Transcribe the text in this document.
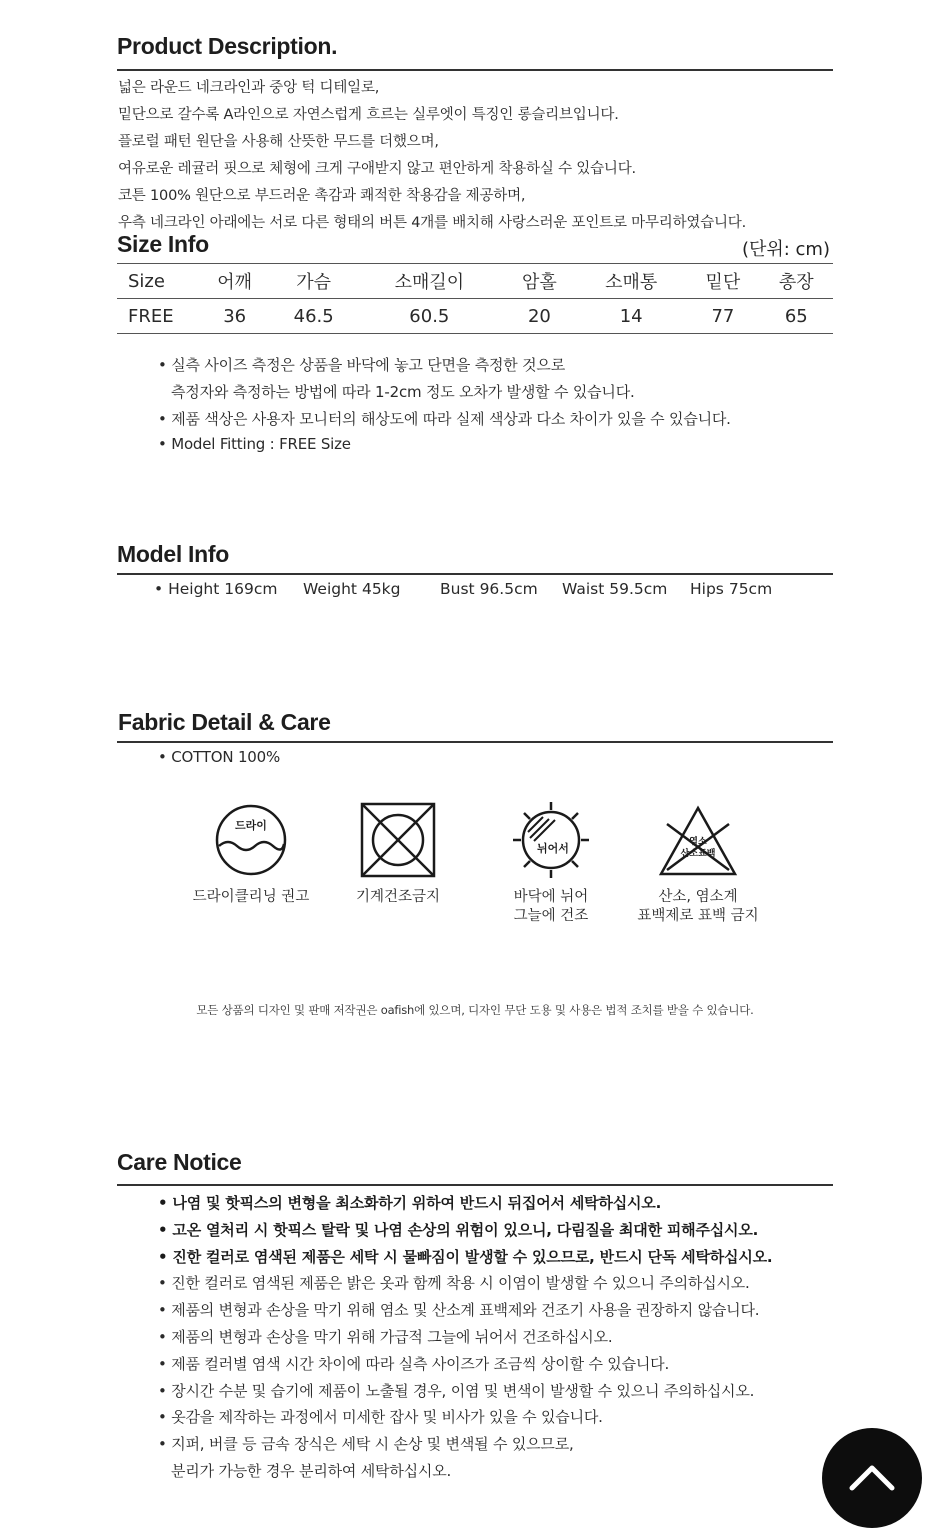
Product Description.
넓은 라운드 네크라인과 중앙 턱 디테일로,
밑단으로 갈수록 A라인으로 자연스럽게 흐르는 실루엣이 특징인 롱슬리브입니다.
플로럴 패턴 원단을 사용해 산뜻한 무드를 더했으며,
여유로운 레귤러 핏으로 체형에 크게 구애받지 않고 편안하게 착용하실 수 있습니다.
코튼 100% 원단으로 부드러운 촉감과 쾌적한 착용감을 제공하며,
우측 네크라인 아래에는 서로 다른 형태의 버튼 4개를 배치해 사랑스러운 포인트로 마무리하였습니다.
Size Info	(단위: cm)
Size	어깨	가슴	소매길이	암홀	소매통	밑단	총장
FREE	36	46.5	60.5	20	14	77	65
• 실측 사이즈 측정은 상품을 바닥에 놓고 단면을 측정한 것으로
측정자와 측정하는 방법에 따라 1-2cm 정도 오차가 발생할 수 있습니다.
• 제품 색상은 사용자 모니터의 해상도에 따라 실제 색상과 다소 차이가 있을 수 있습니다.
• Model Fitting : FREE Size
Model Info
• Height 169cm Weight 45kg	Bust 96.5cm Waist 59.5cm Hips 75cm
Fabric Detail & Care
• COTTON 100%
드라이
드라이클리닝 권고	기계건조금지
뉘어서
바닥에 뉘어
그늘에 건조
염소
산소표백
산소, 염소계
표백제로 표백 금지
모든 상품의 디자인 및 판매 저작권은 oafish에 있으며, 디자인 무단 도용 및 사용은 법적 조치를 받을 수 있습니다.
Care Notice
• 나염 및 핫픽스의 변형을 최소화하기 위하여 반드시 뒤집어서 세탁하십시오.
• 고온 열처리 시 핫픽스 탈락 및 나염 손상의 위험이 있으니, 다림질을 최대한 피해주십시오.
• 진한 컬러로 염색된 제품은 세탁 시 물빠짐이 발생할 수 있으므로, 반드시 단독 세탁하십시오.
• 진한 컬러로 염색된 제품은 밝은 옷과 함께 착용 시 이염이 발생할 수 있으니 주의하십시오.
• 제품의 변형과 손상을 막기 위해 염소 및 산소계 표백제와 건조기 사용을 권장하지 않습니다.
• 제품의 변형과 손상을 막기 위해 가급적 그늘에 뉘어서 건조하십시오.
• 제품 컬러별 염색 시간 차이에 따라 실측 사이즈가 조금씩 상이할 수 있습니다.
• 장시간 수분 및 습기에 제품이 노출될 경우, 이염 및 변색이 발생할 수 있으니 주의하십시오.
• 옷감을 제작하는 과정에서 미세한 잡사 및 비사가 있을 수 있습니다.
• 지퍼, 버클 등 금속 장식은 세탁 시 손상 및 변색될 수 있으므로,
분리가 가능한 경우 분리하여 세탁하십시오.
